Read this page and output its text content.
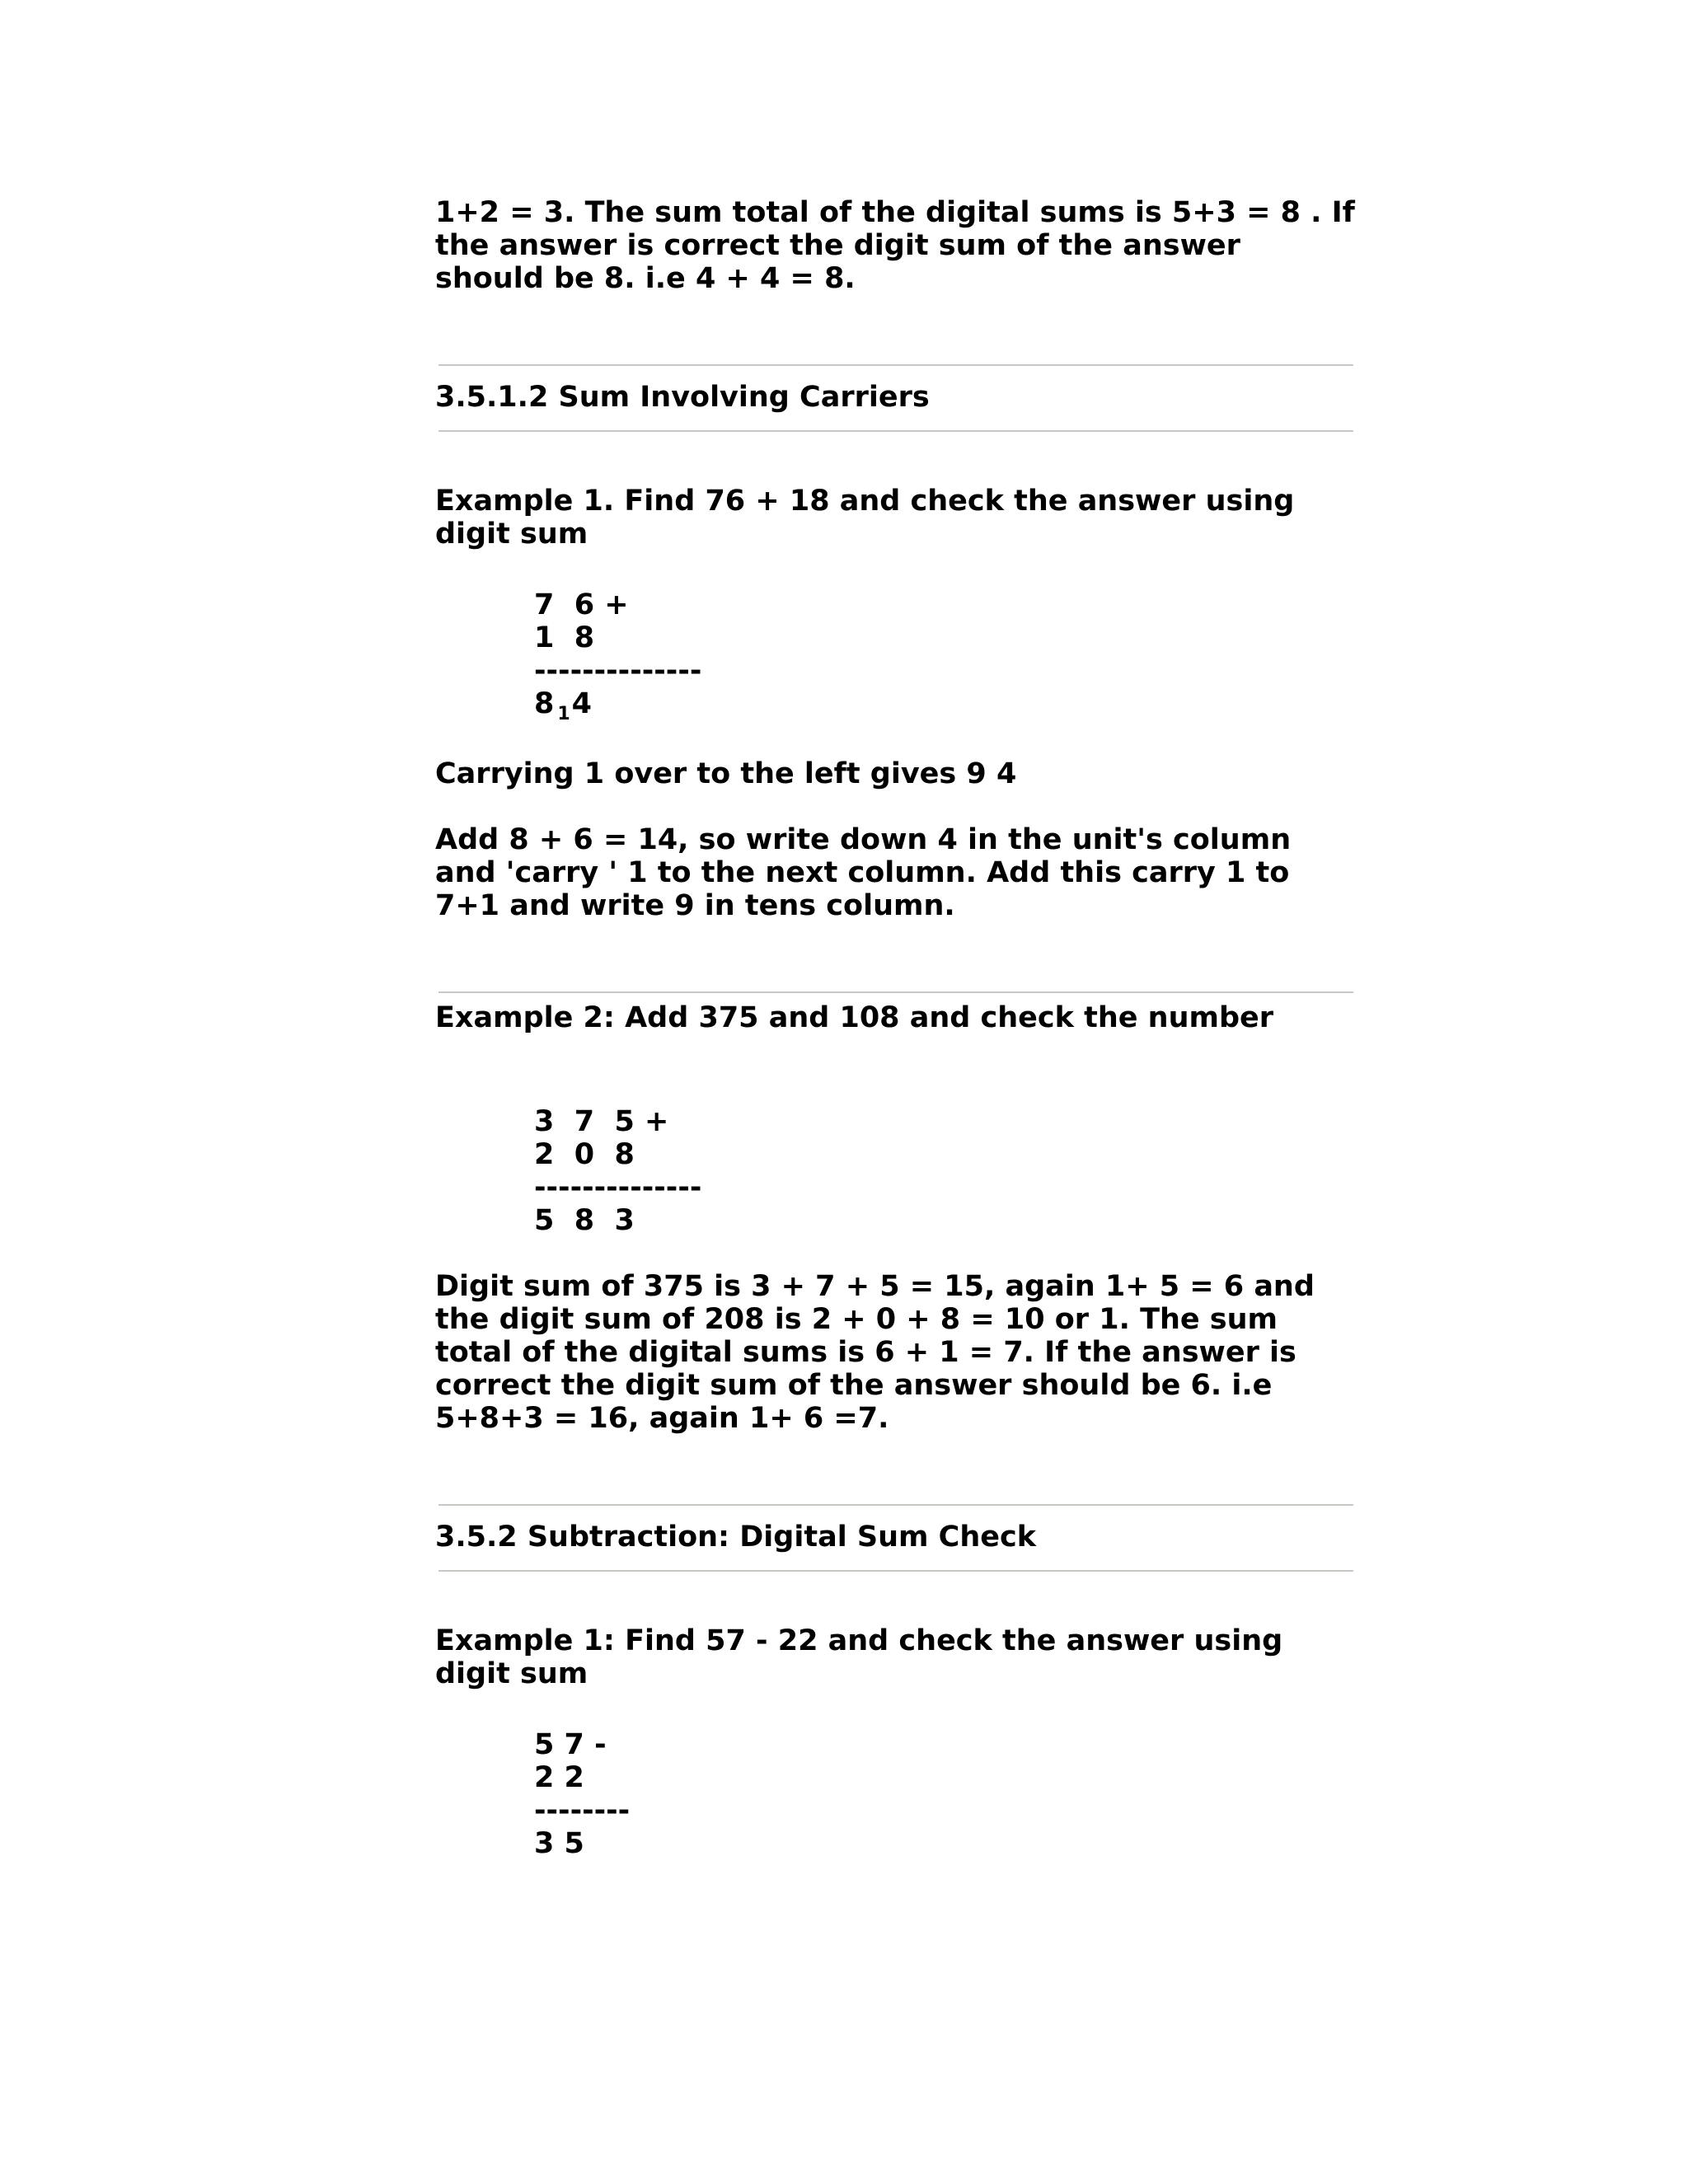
1+2 = 3. The sum total of the digital sums is 5+3 = 8 . If the answer is correct the digit sum of the answer should be 8. i.e 4 + 4 = 8.

3.5.1.2 Sum Involving Carriers

Example 1. Find 76 + 18 and check the answer using digit sum

7  6 +
1  8
--------------
8 $_1$4

Carrying 1 over to the left gives 9 4

Add 8 + 6 = 14, so write down 4 in the unit's column and 'carry ' 1 to the next column. Add this carry 1 to 7+1 and write 9 in tens column.

Example 2: Add 375 and 108 and check the number

3  7  5 +
2  0  8
--------------
5  8  3

Digit sum of 375 is 3 + 7 + 5 = 15, again 1+ 5 = 6 and the digit sum of 208 is 2 + 0 + 8 = 10 or 1. The sum total of the digital sums is 6 + 1 = 7. If the answer is correct the digit sum of the answer should be 6. i.e 5+8+3 = 16, again 1+ 6 =7.

3.5.2 Subtraction: Digital Sum Check

Example 1: Find 57 - 22 and check the answer using digit sum

5 7 -
2 2
--------
3 5
